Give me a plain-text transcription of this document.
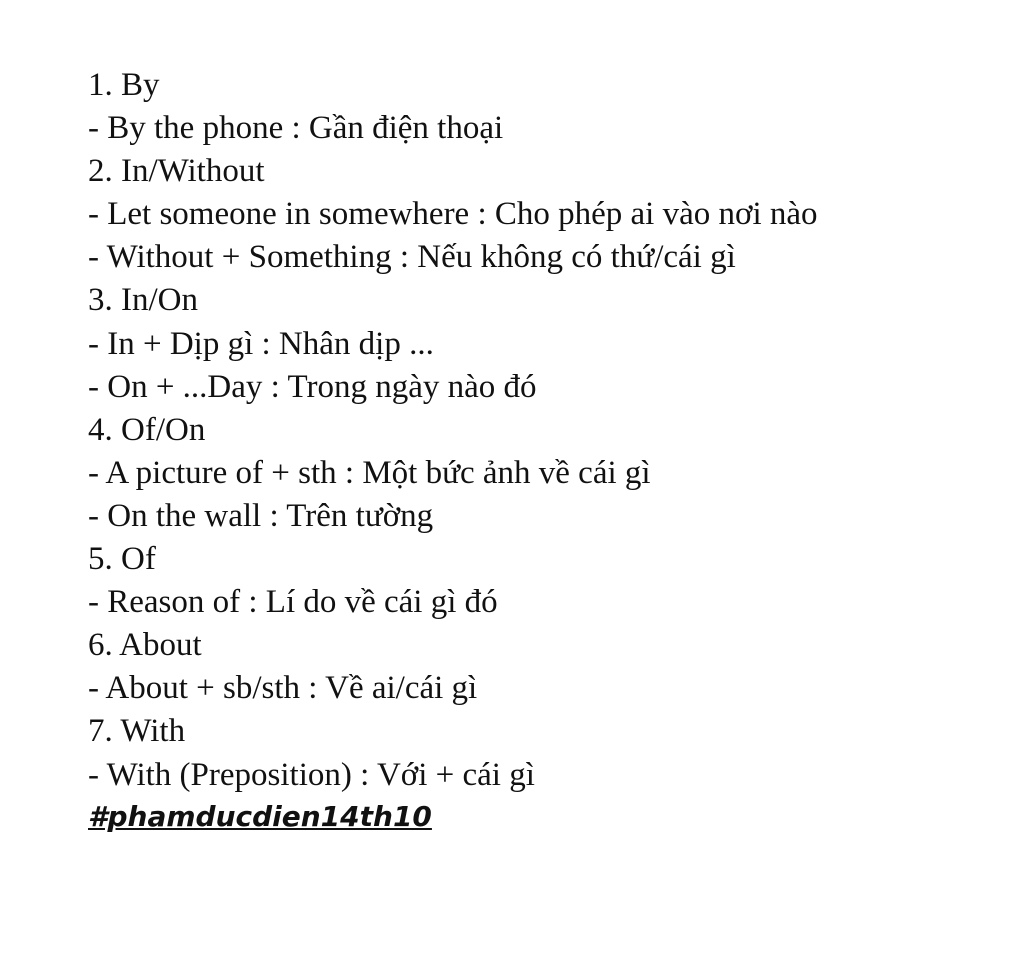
1. By
- By the phone : Gần điện thoại
2. In/Without
- Let someone in somewhere : Cho phép ai vào nơi nào
- Without + Something : Nếu không có thứ/cái gì
3. In/On
- In + Dịp gì : Nhân dịp ...
- On + ...Day : Trong ngày nào đó
4. Of/On
- A picture of + sth : Một bức ảnh về cái gì
- On the wall : Trên tường
5. Of
- Reason of : Lí do về cái gì đó
6. About
- About + sb/sth : Về ai/cái gì
7. With
- With (Preposition) : Với + cái gì
#phamducdien14th10
